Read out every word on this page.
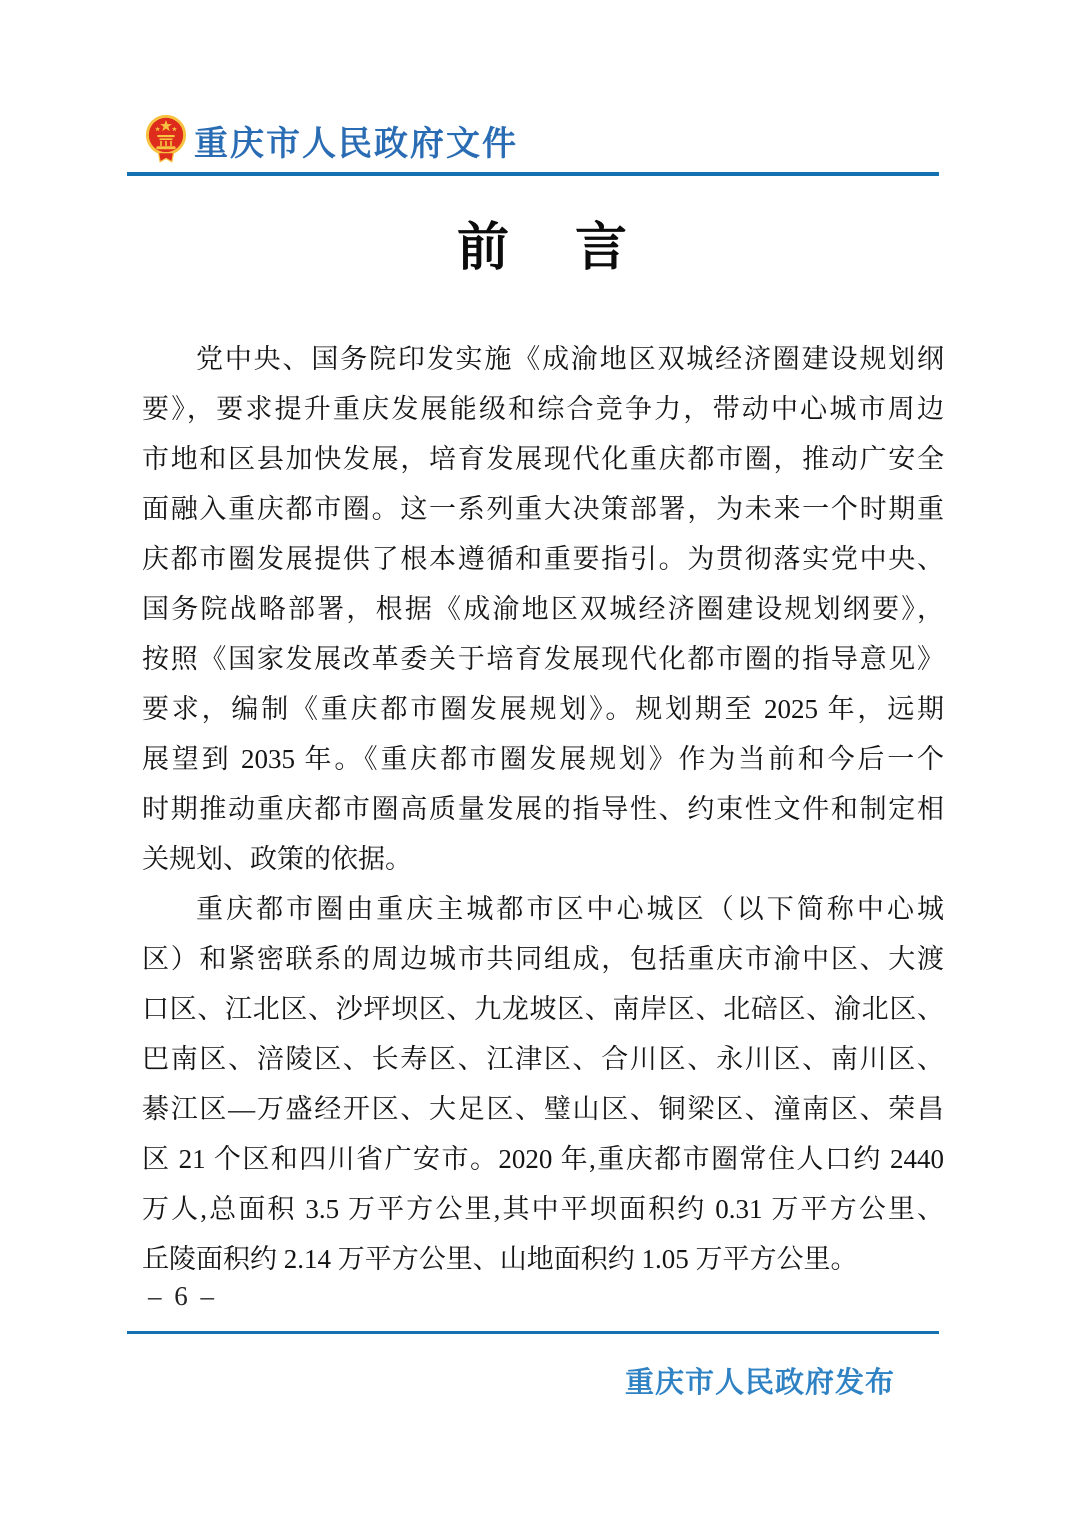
重庆市人民政府文件
前 言

党中央、国务院印发实施《成渝地区双城经济圈建设规划纲

要》，要求提升重庆发展能级和综合竞争力，带动中心城市周边

市地和区县加快发展，培育发展现代化重庆都市圈，推动广安全

面融入重庆都市圈。这一系列重大决策部署，为未来一个时期重

庆都市圈发展提供了根本遵循和重要指引。为贯彻落实党中央、

国务院战略部署，根据《成渝地区双城经济圈建设规划纲要》，

按照《国家发展改革委关于培育发展现代化都市圈的指导意见》

要求，编制《重庆都市圈发展规划》。规划期至 2025 年，远期

展望到 2035 年。《重庆都市圈发展规划》作为当前和今后一个

时期推动重庆都市圈高质量发展的指导性、约束性文件和制定相

关规划、政策的依据。

重庆都市圈由重庆主城都市区中心城区（以下简称中心城

区）和紧密联系的周边城市共同组成，包括重庆市渝中区、大渡

口区、江北区、沙坪坝区、九龙坡区、南岸区、北碚区、渝北区、

巴南区、涪陵区、长寿区、江津区、合川区、永川区、南川区、

綦江区—万盛经开区、大足区、璧山区、铜梁区、潼南区、荣昌

区 21 个区和四川省广安市。2020 年,重庆都市圈常住人口约 2440

万人,总面积 3.5 万平方公里,其中平坝面积约 0.31 万平方公里、

丘陵面积约 2.14 万平方公里、山地面积约 1.05 万平方公里。

– 6 –
重庆市人民政府发布
